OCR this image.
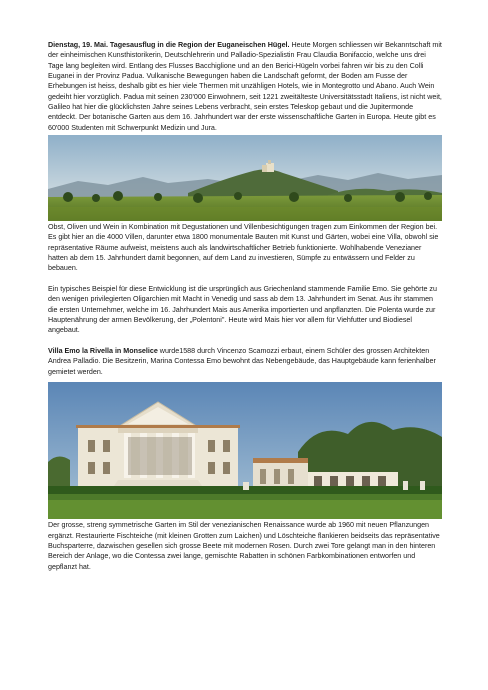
Dienstag, 19. Mai. Tagesausflug in die Region der Euganeischen Hügel. Heute Morgen schliessen wir Bekanntschaft mit der einheimischen Kunsthistorikerin, Deutschlehrerin und Palladio-Spezialistin Frau Claudia Bonifaccio, welche uns drei Tage lang begleiten wird. Entlang des Flusses Bacchiglione und an den Berici-Hügeln vorbei fahren wir bis zu den Colli Euganei in der Provinz Padua. Vulkanische Bewegungen haben die Landschaft geformt, der Boden am Fusse der Erhebungen ist heiss, deshalb gibt es hier viele Thermen mit unzähligen Hotels, wie in Montegrotto und Abano. Auch Wein gedeiht hier vorzüglich. Padua mit seinen 230'000 Einwohnern, seit 1221 zweitälteste Universitätsstadt Italiens, ist nicht weit, Galileo hat hier die glücklichsten Jahre seines Lebens verbracht, sein erstes Teleskop gebaut und die Jupitermonde entdeckt. Der botanische Garten aus dem 16. Jahrhundert war der erste wissenschaftliche Garten in Europa. Heute gibt es 60'000 Studenten mit Schwerpunkt Medizin und Jura.

Obst, Oliven und Wein in Kombination mit Degustationen und Villenbesichtigungen tragen zum Einkommen der Region bei. Es gibt hier an die 4000 Villen, darunter etwa 1800 monumentale Bauten mit Kunst und Gärten, wobei eine Villa, obwohl sie repräsentative Räume aufweist, meistens auch als landwirtschaftlicher Betrieb funktionierte. Wohlhabende Venezianer hatten ab dem 15. Jahrhundert damit begonnen, auf dem Land zu investieren, Sümpfe zu entwässern und Felder zu bebauen.

Ein typisches Beispiel für diese Entwicklung ist die ursprünglich aus Griechenland stammende Familie Emo. Sie gehörte zu den wenigen privilegierten Oligarchien mit Macht in Venedig und sass ab dem 13. Jahrhundert im Senat. Aus ihr stammen die ersten Unternehmer, welche im 16. Jahrhundert Mais aus Amerika importierten und anpflanzten. Die Polenta wurde zur Hauptenährung der armen Bevölkerung, der „Polentoni". Heute wird Mais hier vor allem für Viehfutter und Biodiesel angebaut.

Villa Emo la Rivella in Monselice wurde1588 durch Vincenzo Scamozzi erbaut, einem Schüler des grossen Architekten Andrea Palladio. Die Besitzerin, Marina Contessa Emo bewohnt das Nebengebäude, das Hauptgebäude kann ferienhalber gemietet werden.

Der grosse, streng symmetrische Garten im Stil der venezianischen Renaissance wurde ab 1960 mit neuen Pflanzungen ergänzt. Restaurierte Fischteiche (mit kleinen Grotten zum Laichen) und Löschteiche flankieren beidseits das repräsentative Buchsparterre, dazwischen gesellen sich grosse Beete mit modernen Rosen. Durch zwei Tore gelangt man in den hinteren Bereich der Anlage, wo die Contessa zwei lange, gemischte Rabatten in schönen Farbkombinationen entworfen und gepflanzt hat.
